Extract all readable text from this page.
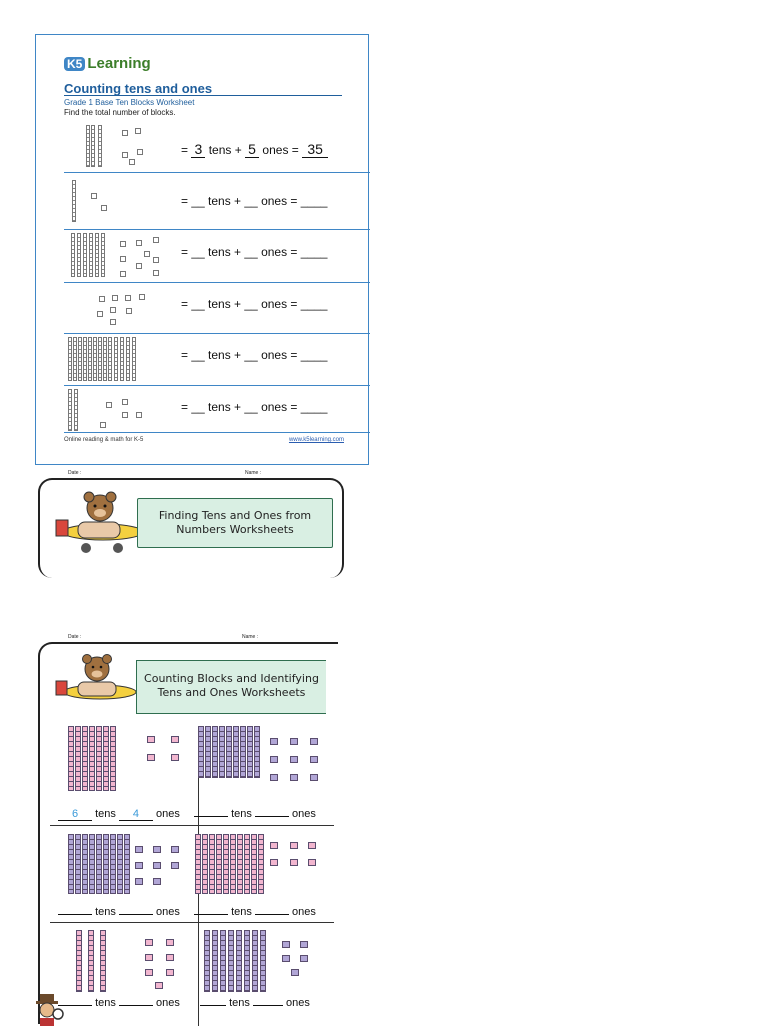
K5 Learning
Counting tens and ones
Grade 1 Base Ten Blocks Worksheet
Find the total number of blocks.
= 3 tens + 5 ones = 35
= __ tens + __ ones = ____
= __ tens + __ ones = ____
= __ tens + __ ones = ____
= __ tens + __ ones = ____
= __ tens + __ ones = ____
Online reading & math for K-5	www.k5learning.com
Date :	Name :
Finding Tens and Ones from Numbers Worksheets
Date :	Name :
Counting Blocks and Identifying Tens and Ones Worksheets
6 tens 4 ones	tens	ones
tens	ones	tens	ones
tens	ones	tens	ones
